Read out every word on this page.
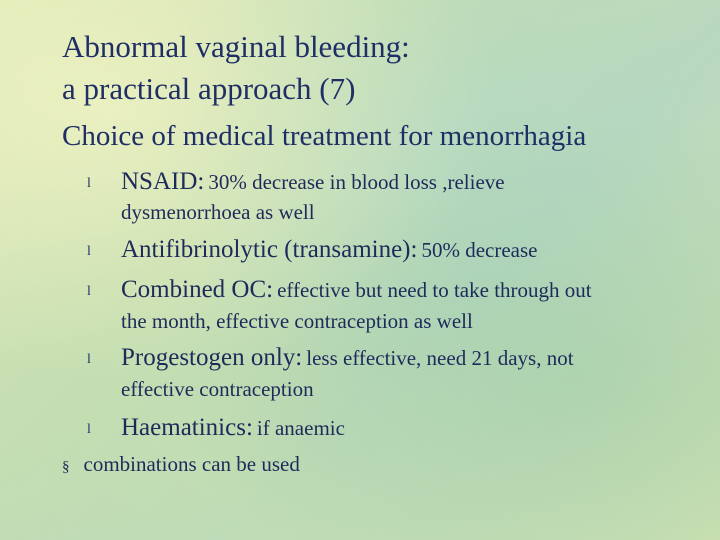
Abnormal vaginal bleeding:
a practical approach (7)
Choice of medical treatment for menorrhagia
l NSAID: 30% decrease in blood loss ,relieve
dysmenorrhoea as well
l Antifibrinolytic (transamine): 50% decrease
l Combined OC: effective but need to take through out
the month, effective contraception as well
l Progestogen only: less effective, need 21 days, not
effective contraception
l Haematinics: if anaemic
§ combinations can be used
